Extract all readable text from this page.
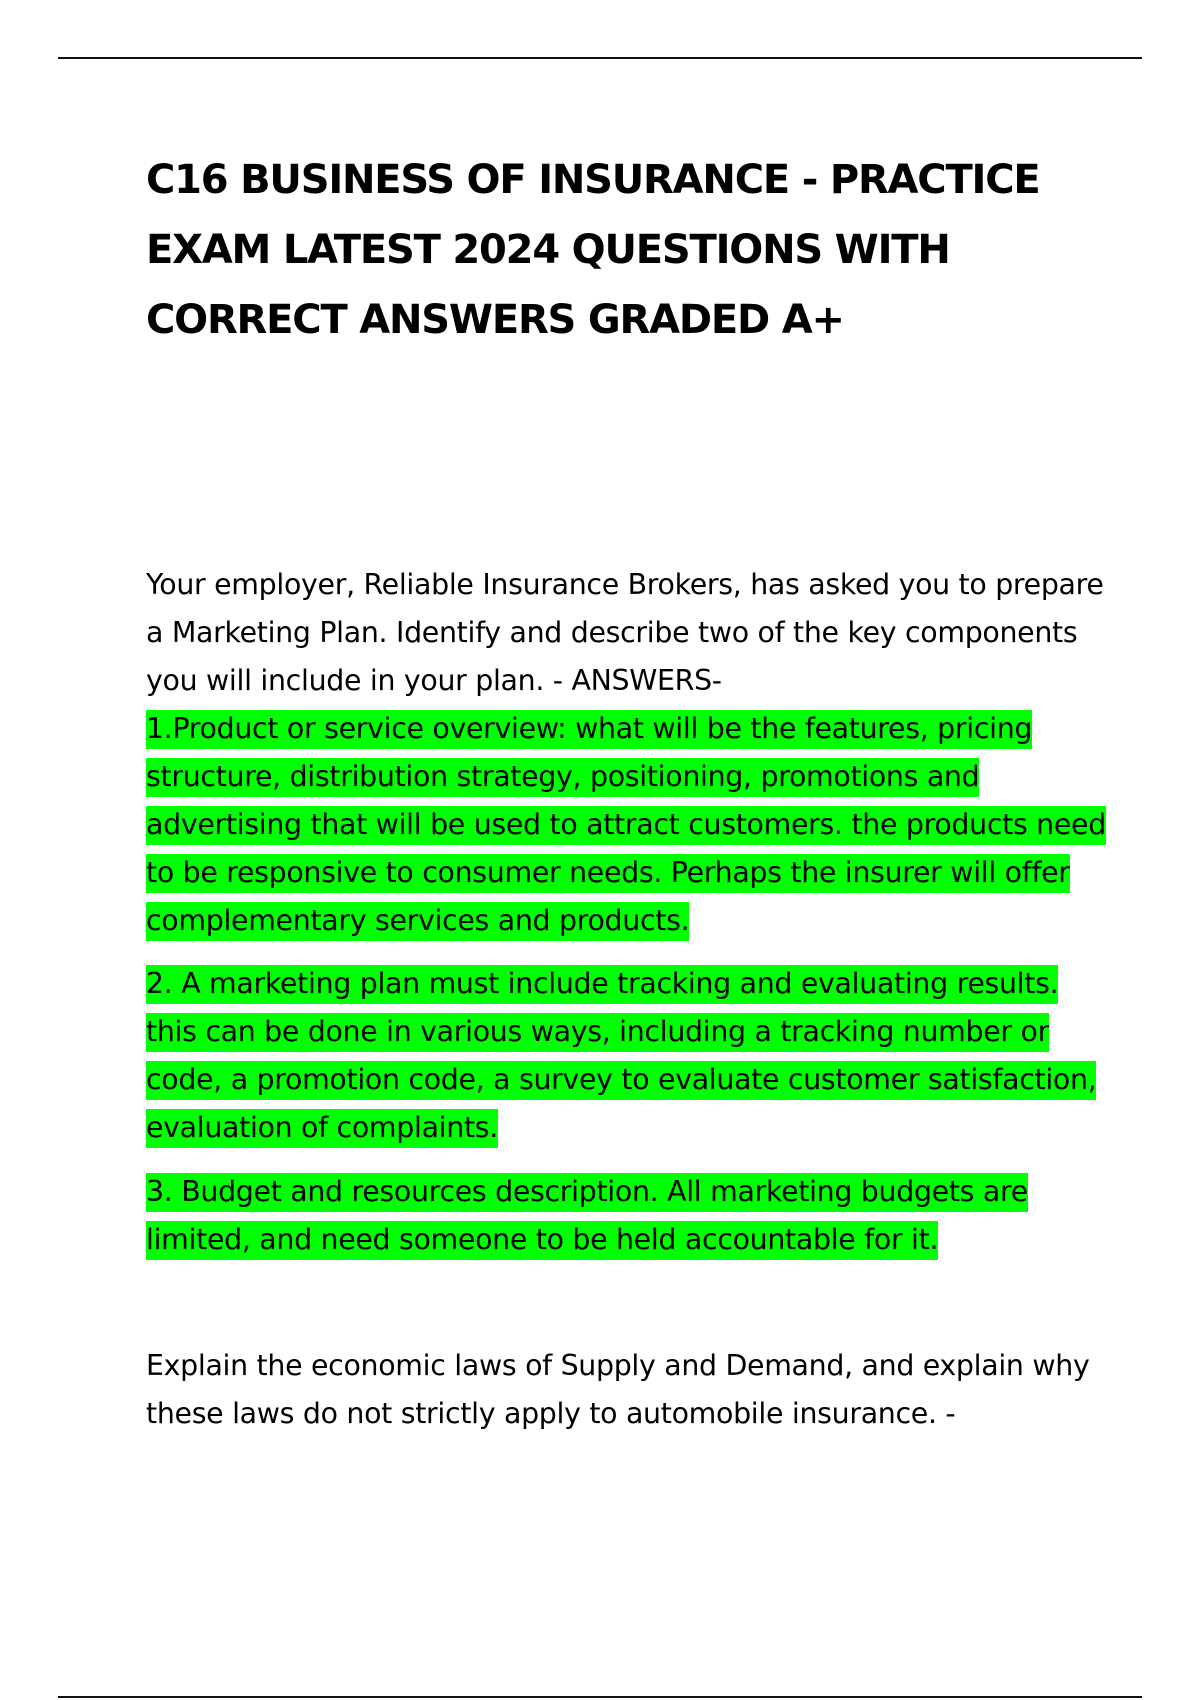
C16 BUSINESS OF INSURANCE - PRACTICE EXAM LATEST 2024 QUESTIONS WITH CORRECT ANSWERS GRADED A+

Your employer, Reliable Insurance Brokers, has asked you to prepare a Marketing Plan. Identify and describe two of the key components you will include in your plan. - ANSWERS-

1.Product or service overview: what will be the features, pricing structure, distribution strategy, positioning, promotions and advertising that will be used to attract customers. the products need to be responsive to consumer needs. Perhaps the insurer will offer complementary services and products.

2. A marketing plan must include tracking and evaluating results. this can be done in various ways, including a tracking number or code, a promotion code, a survey to evaluate customer satisfaction, evaluation of complaints.

3. Budget and resources description. All marketing budgets are limited, and need someone to be held accountable for it.

Explain the economic laws of Supply and Demand, and explain why these laws do not strictly apply to automobile insurance. -
